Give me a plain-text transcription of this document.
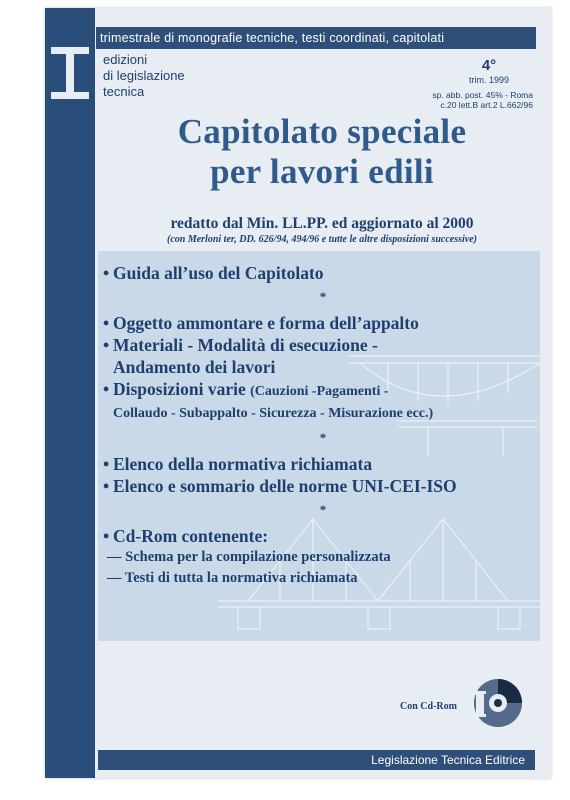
trimestrale di monografie tecniche, testi coordinati, capitolati
edizioni
di legislazione
tecnica
4°
trim. 1999
sp. abb. post. 45% - Roma
c.20 lett.B art.2 L.662/96
Capitolato speciale
per lavori edili
redatto dal Min. LL.PP. ed aggiornato al 2000
(con Merloni ter, DD. 626/94, 494/96 e tutte le altre disposizioni successive)
• Guida all’uso del Capitolato
*
• Oggetto ammontare e forma dell’appalto
• Materiali - Modalità di esecuzione -
Andamento dei lavori
• Disposizioni varie (Cauzioni -Pagamenti -
Collaudo - Subappalto - Sicurezza - Misurazione ecc.)
*
• Elenco della normativa richiamata
• Elenco e sommario delle norme UNI-CEI-ISO
*
• Cd-Rom contenente:
— Schema per la compilazione personalizzata
— Testi di tutta la normativa richiamata
Con Cd-Rom
Legislazione Tecnica Editrice
